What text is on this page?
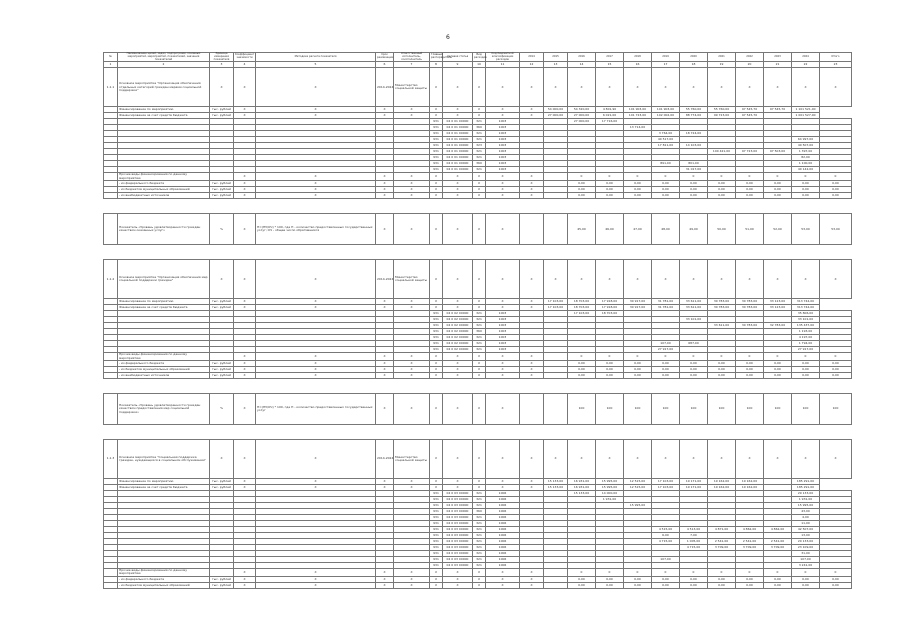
6
№	Наименование целей, задач, подпрограмм, основных мероприятий, мероприятий, показателей, значения показателей	Единица измерения показателя	Коэффициент значимости	Методика расчета показателя	Срок реализации	Ответственный исполнитель, соисполнитель	Главный распорядитель	Целевая статья	Вид расходов	Код бюджетной классификации расходов	2014	2015	2016	2017	2018	2019	2020	2021	2022	2023	2024	Итого
1	2	3	4	5	6	7	8	9	10	11	12	13	14	15	16	17	18	19	20	21	22	23
1.1.1	Основное мероприятие "Организация обеспечения отдельных категорий граждан мерами социальной поддержки"	X	X	X	2014-2024	Министерство социальной защиты	X	X	X	X	X	X	X	X	X	X	X	X	X	X	X	X
	Финансирование по мероприятию	тыс. рублей	X	X	X	X	X	X	X	X	X	54 000,00	54 320,00	4 801,90	101 903,00	101 903,00	55 760,00	55 760,00	97 545,70	97 545,70	1 101 521,00	
	Финансирование за счет средств бюджета	тыс. рублей	X	X	X	X	X	X	X	X	X	27 000,00	27 000,00	6 021,00	101 723,00	102 002,00	88 774,00	99 723,00	97 545,70		1 001 527,00	
							931	04 0 01 00000	321	1003			27 000,00	17 716,00								
							931	04 0 01 00000	360	1003					13 714,00							
							931	04 0 01 00000	321	1003						3 764,00	18 724,00					
							931	04 0 01 00000	321	1003						40 517,00					64 997,00	
							931	04 0 01 00000	323	1003						17 811,00	14 103,00				40 507,00	
							931	04 0 01 00000	321	1003								100 421,00	97 723,00	97 503,00	1 397,00	
							931	04 0 01 00000	321	1003											82,00	
							931	04 0 01 00000	360	1003						891,00	801,00				1 100,00	
							931	04 0 01 00000	321	1003							31 017,00				40 142,00	
	Прочие виды финансирования по данному мероприятию		X	X	X	X	X	X	X	X	X		0	0	0	0	0	0	0	0	0	0
	- из федерального бюджета	тыс. рублей	X	X	X	X	X	X	X	X	X		0,00	0,00	0,00	0,00	0,00	0,00	0,00	0,00	0,00	0,00
	- из бюджетов муниципальных образований	тыс. рублей	X	X	X	X	X	X	X	X	X		0,00	0,00	0,00	0,00	0,00	0,00	0,00	0,00	0,00	0,00
	- из внебюджетных источников	тыс. рублей	X	X	X	X	X	X	X	X	X		0,00	0,00	0,00	0,00	0,00	0,00	0,00	0,00	0,00	0,00

	Показатель «Уровень удовлетворенности граждан качеством оказанных услуг»	%	X	П=(ПУ/ОЧ) * 100, где П - количество предоставленных государственных услуг; ОЧ - общее число обратившихся	X	X	X	X	X	X			45,00	46,00	47,00	48,00	49,00	50,00	51,00	52,00	53,00	53,00

1.1.2	Основное мероприятие "Организация обеспечения мер социальной поддержки граждан"	X	X	X	2014-2024	Министерство социальной защиты	X	X	X	X	X	X	X	X	X	X	X	X	X	X	X	X
	Финансирование по мероприятию	тыс. рублей	X	X	X	X	X	X	X	X	X	17 103,00	18 703,00	17 918,00	30 917,00	31 781,00	33 611,00	30 783,00	30 783,00	33 123,00	313 744,00	
	Финансирование за счет средств бюджета	тыс. рублей	X	X	X	X	X	X	X	X	X	17 103,00	18 703,00	17 918,00	30 917,00	31 781,00	33 611,00	30 783,00	30 783,00	33 123,00	313 744,00	
							931	04 0 02 00000	321	1003			17 103,00	18 703,00							35 806,00	
							931	04 0 02 00000	321	1003							33 101,00				33 101,00	
							931	04 0 02 00000	321	1003								33 611,00	30 783,00	32 783,00	135 437,00	
							931	04 0 02 00000	360	1003											1 193,00	
							931	04 0 02 00000	321	1003											4 197,00	
							931	04 0 02 00000	321	1003						107,00	687,00				1 794,00	
							931	04 0 02 00000	321	1003						27 917,00					27 917,00	
	Прочие виды финансирования по данному мероприятию		X	X	X	X	X	X	X	X	X		0	0	0	0	0	0	0	0	0	0
	- из федерального бюджета	тыс. рублей	X	X	X	X	X	X	X	X	X		0,00	0,00	0,00	0,00	0,00	0,00	0,00	0,00	0,00	0,00
	- из бюджетов муниципальных образований	тыс. рублей	X	X	X	X	X	X	X	X	X		0,00	0,00	0,00	0,00	0,00	0,00	0,00	0,00	0,00	0,00
	- из внебюджетных источников	тыс. рублей	X	X	X	X	X	X	X	X	X		0,00	0,00	0,00	0,00	0,00	0,00	0,00	0,00	0,00	0,00

	Показатель «Уровень удовлетворенности граждан качеством предоставления мер социальной поддержки»	%	X	П=(ПУ/ОЧ) * 100, где П - количество предоставленных государственных услуг	X	X	X	X	X	X			100	100	100	100	100	100	100	100	100	100

1.1.3	Основное мероприятие "Социальная поддержка граждан, нуждающихся в социальном обслуживании"	X	X	X	2014-2024	Министерство социальной защиты	X	X	X	X	X	X	X	X	X	X	X	X	X	X	X	X
	Финансирование по мероприятию	тыс. рублей	X	X	X	X	X	X	X	X	X	15 133,00	16 931,00	15 995,00	12 515,00	17 103,00	19 171,00	19 162,00	19 162,00		185 291,00	
	Финансирование за счет средств бюджета	тыс. рублей	X	X	X	X	X	X	X	X	X	15 133,00	16 931,00	15 995,00	12 515,00	17 103,00	19 171,00	19 162,00	19 162,00		185 291,00	
							931	04 0 03 00000	321	1006			15 133,00	14 000,00							29 133,00	
							931	04 0 03 00000	321	1006				1 931,00							1 931,00	
							931	04 0 03 00000	321	1006					15 995,00						15 995,00	
							931	04 0 03 00000	360	1006											43,00	
							931	04 0 03 00000	321	1006											4,00	
							931	04 0 03 00000	321	1006											11,00	
							931	04 0 03 00000	321	1006						4 515,00	4 513,00	4 871,00	4 862,00	4 862,00	42 507,00	
							931	04 0 03 00000	321	1006						6,00	7,00				13,00	
							931	04 0 03 00000	321	1006						4 715,00	1 005,00	2 541,00	2 541,00	2 541,00	20 133,00	
							931	04 0 03 00000	321	1006							4 715,00	3 709,00	3 709,00	3 709,00	23 109,00	
							931	04 0 03 00000	321	1006											31,00	
							931	04 0 03 00000	321	1006						107,00					107,00	
							931	04 0 03 00000	321	1006											3 241,00	
	Прочие виды финансирования по данному мероприятию		X	X	X	X	X	X	X	X	X		0	0	0	0	0	0	0	0	0	0
	- из федерального бюджета	тыс. рублей	X	X	X	X	X	X	X	X	X		0,00	0,00	0,00	0,00	0,00	0,00	0,00	0,00	0,00	0,00
	- из бюджетов муниципальных образований	тыс. рублей	X	X	X	X	X	X	X	X	X		0,00	0,00	0,00	0,00	0,00	0,00	0,00	0,00	0,00	0,00
